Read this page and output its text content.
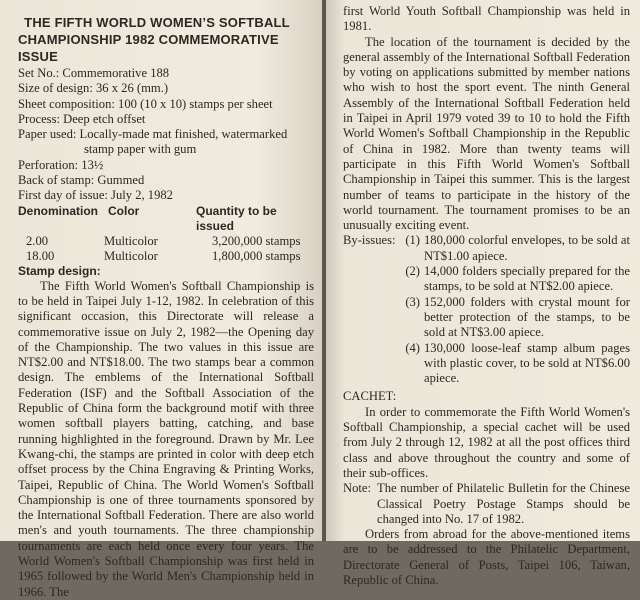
THE FIFTH WORLD WOMEN’S SOFTBALL
CHAMPIONSHIP 1982 COMMEMORATIVE ISSUE
Set No.: Commemorative 188
Size of design: 36 x 26 (mm.)
Sheet composition: 100 (10 x 10) stamps per sheet
Process: Deep etch offset
Paper used: Locally-made mat finished, watermarked
stamp paper with gum
Perforation: 13½
Back of stamp: Gummed
First day of issue: July 2, 1982
Denomination Color	Quantity to be issued
2.00	Multicolor	3,200,000 stamps
18.00	Multicolor	1,800,000 stamps
Stamp design:

The Fifth World Women's Softball Championship is to be held in Taipei July 1-12, 1982. In celebration of this significant occasion, this Directorate will release a commemorative issue on July 2, 1982—the Opening day of the Championship. The two values in this issue are NT$2.00 and NT$18.00. The two stamps bear a common design. The emblems of the International Softball Federation (ISF) and the Softball Association of the Republic of China form the background motif with three women softball players batting, catching, and base running highlighted in the foreground. Drawn by Mr. Lee Kwang-chi, the stamps are printed in color with deep etch offset process by the China Engraving & Printing Works, Taipei, Republic of China. The World Women's Softball Championship is one of three tournaments sponsored by the International Softball Federation. There are also world men's and youth tournaments. The three championship tournaments are each held once every four years. The World Women's Softball Championship was first held in 1965 followed by the World Men's Championship held in 1966. The

first World Youth Softball Championship was held in 1981.

The location of the tournament is decided by the general assembly of the International Softball Federation by voting on applications submitted by member nations who wish to host the sport event. The ninth General Assembly of the International Softball Federation held in Taipei in April 1979 voted 39 to 10 to hold the Fifth World Women's Softball Championship in the Republic of China in 1982. More than twenty teams will participate in this Fifth World Women's Softball Championship in Taipei this summer. This is the largest number of teams to participate in the history of the world tournament. The tournament promises to be an unusually exciting event.

By-issues: (1) 180,000 colorful envelopes, to be sold at NT$1.00 apiece.
(2) 14,000 folders specially prepared for the stamps, to be sold at NT$2.00 apiece.
(3) 152,000 folders with crystal mount for better protection of the stamps, to be sold at NT$3.00 apiece.
(4) 130,000 loose-leaf stamp album pages with plastic cover, to be sold at NT$6.00 apiece.
CACHET:

In order to commemorate the Fifth World Women's Softball Championship, a special cachet will be used from July 2 through 12, 1982 at all the post offices third class and above throughout the country and some of their sub-offices.

Note: The number of Philatelic Bulletin for the Chinese Classical Poetry Postage Stamps should be changed into No. 17 of 1982.

Orders from abroad for the above-mentioned items are to be addressed to the Philatelic Department, Directorate General of Posts, Taipei 106, Taiwan, Republic of China.
